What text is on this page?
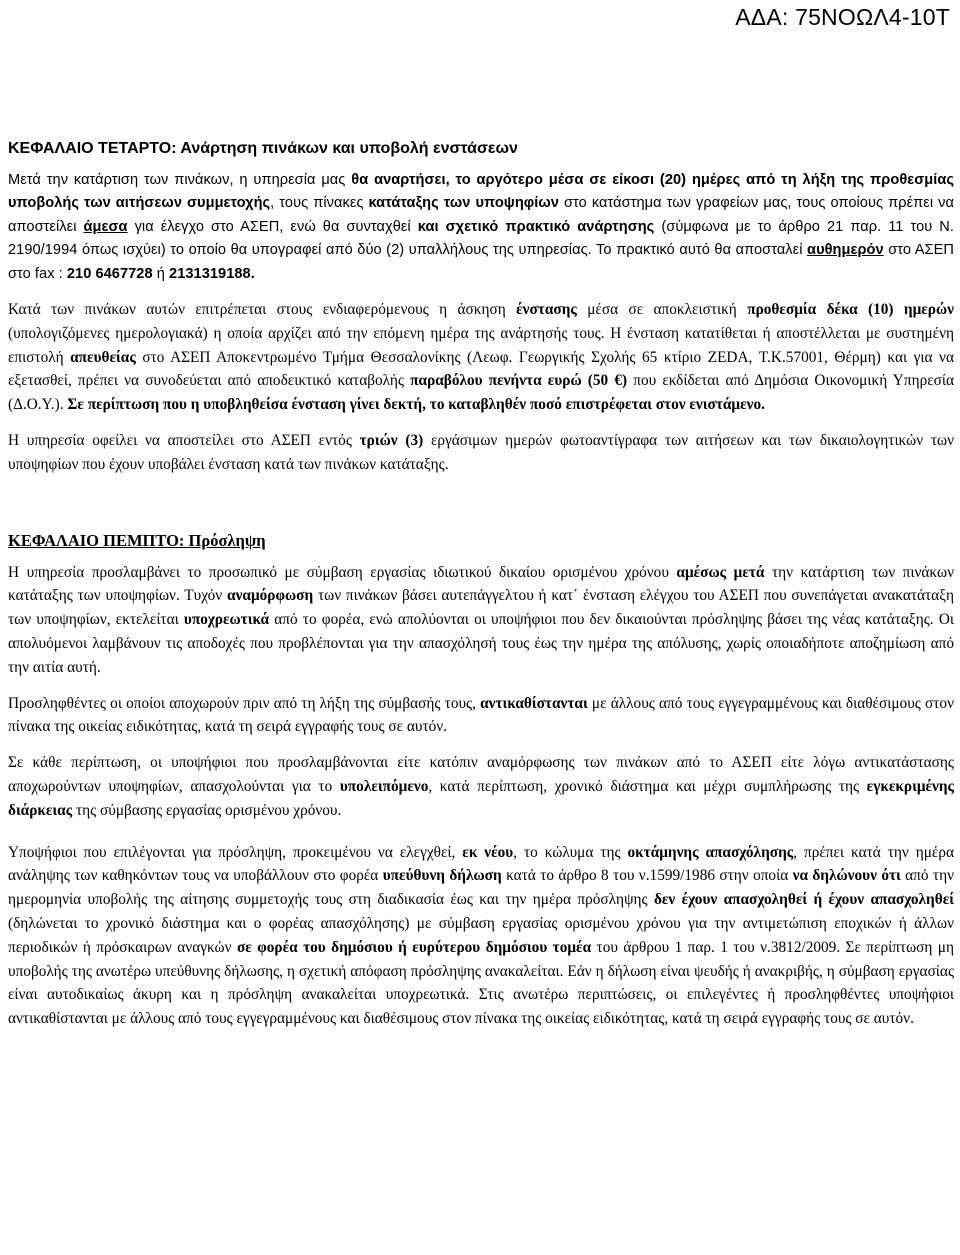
ΑΔΑ: 75ΝΟΩΛ4-10Τ

ΚΕΦΑΛΑΙΟ ΤΕΤΑΡΤΟ: Ανάρτηση πινάκων και υποβολή ενστάσεων

Μετά την κατάρτιση των πινάκων, η υπηρεσία μας θα αναρτήσει, το αργότερο μέσα σε είκοσι (20) ημέρες από τη λήξη της προθεσμίας υποβολής των αιτήσεων συμμετοχής, τους πίνακες κατάταξης των υποψηφίων στο κατάστημα των γραφείων μας, τους οποίους πρέπει να αποστείλει άμεσα για έλεγχο στο ΑΣΕΠ, ενώ θα συνταχθεί και σχετικό πρακτικό ανάρτησης (σύμφωνα με το άρθρο 21 παρ. 11 του Ν. 2190/1994 όπως ισχύει) το οποίο θα υπογραφεί από δύο (2) υπαλλήλους της υπηρεσίας. Το πρακτικό αυτό θα αποσταλεί αυθημερόν στο ΑΣΕΠ στο fax : 210 6467728 ή 2131319188.

Κατά των πινάκων αυτών επιτρέπεται στους ενδιαφερόμενους η άσκηση ένστασης μέσα σε αποκλειστική προθεσμία δέκα (10) ημερών (υπολογιζόμενες ημερολογιακά) η οποία αρχίζει από την επόμενη ημέρα της ανάρτησής τους. Η ένσταση κατατίθεται ή αποστέλλεται με συστημένη επιστολή απευθείας στο ΑΣΕΠ Αποκεντρωμένο Τμήμα Θεσσαλονίκης (Λεωφ. Γεωργικής Σχολής 65 κτίριο ZEDA, Τ.Κ.57001, Θέρμη) και για να εξετασθεί, πρέπει να συνοδεύεται από αποδεικτικό καταβολής παραβόλου πενήντα ευρώ (50 €) που εκδίδεται από Δημόσια Οικονομική Υπηρεσία (Δ.Ο.Υ.). Σε περίπτωση που η υποβληθείσα ένσταση γίνει δεκτή, το καταβληθέν ποσό επιστρέφεται στον ενιστάμενο.

Η υπηρεσία οφείλει να αποστείλει στο ΑΣΕΠ εντός τριών (3) εργάσιμων ημερών φωτοαντίγραφα των αιτήσεων και των δικαιολογητικών των υποψηφίων που έχουν υποβάλει ένσταση κατά των πινάκων κατάταξης.

ΚΕΦΑΛΑΙΟ ΠΕΜΠΤΟ: Πρόσληψη

Η υπηρεσία προσλαμβάνει το προσωπικό με σύμβαση εργασίας ιδιωτικού δικαίου ορισμένου χρόνου αμέσως μετά την κατάρτιση των πινάκων κατάταξης των υποψηφίων. Τυχόν αναμόρφωση των πινάκων βάσει αυτεπάγγελτου ή κατ΄ ένσταση ελέγχου του ΑΣΕΠ που συνεπάγεται ανακατάταξη των υποψηφίων, εκτελείται υποχρεωτικά από το φορέα, ενώ απολύονται οι υποψήφιοι που δεν δικαιούνται πρόσληψης βάσει της νέας κατάταξης. Οι απολυόμενοι λαμβάνουν τις αποδοχές που προβλέπονται για την απασχόλησή τους έως την ημέρα της απόλυσης, χωρίς οποιαδήποτε αποζημίωση από την αιτία αυτή.

Προσληφθέντες οι οποίοι αποχωρούν πριν από τη λήξη της σύμβασής τους, αντικαθίστανται με άλλους από τους εγγεγραμμένους και διαθέσιμους στον πίνακα της οικείας ειδικότητας, κατά τη σειρά εγγραφής τους σε αυτόν.

Σε κάθε περίπτωση, οι υποψήφιοι που προσλαμβάνονται είτε κατόπιν αναμόρφωσης των πινάκων από το ΑΣΕΠ είτε λόγω αντικατάστασης αποχωρούντων υποψηφίων, απασχολούνται για το υπολειπόμενο, κατά περίπτωση, χρονικό διάστημα και μέχρι συμπλήρωσης της εγκεκριμένης διάρκειας της σύμβασης εργασίας ορισμένου χρόνου.

Υποψήφιοι που επιλέγονται για πρόσληψη, προκειμένου να ελεγχθεί, εκ νέου, το κώλυμα της οκτάμηνης απασχόλησης, πρέπει κατά την ημέρα ανάληψης των καθηκόντων τους να υποβάλλουν στο φορέα υπεύθυνη δήλωση κατά το άρθρο 8 του ν.1599/1986 στην οποία να δηλώνουν ότι από την ημερομηνία υποβολής της αίτησης συμμετοχής τους στη διαδικασία έως και την ημέρα πρόσληψης δεν έχουν απασχοληθεί ή έχουν απασχοληθεί (δηλώνεται το χρονικό διάστημα και ο φορέας απασχόλησης) με σύμβαση εργασίας ορισμένου χρόνου για την αντιμετώπιση εποχικών ή άλλων περιοδικών ή πρόσκαιρων αναγκών σε φορέα του δημόσιου ή ευρύτερου δημόσιου τομέα του άρθρου 1 παρ. 1 του ν.3812/2009. Σε περίπτωση μη υποβολής της ανωτέρω υπεύθυνης δήλωσης, η σχετική απόφαση πρόσληψης ανακαλείται. Εάν η δήλωση είναι ψευδής ή ανακριβής, η σύμβαση εργασίας είναι αυτοδικαίως άκυρη και η πρόσληψη ανακαλείται υποχρεωτικά. Στις ανωτέρω περιπτώσεις, οι επιλεγέντες ή προσληφθέντες υποψήφιοι αντικαθίστανται με άλλους από τους εγγεγραμμένους και διαθέσιμους στον πίνακα της οικείας ειδικότητας, κατά τη σειρά εγγραφής τους σε αυτόν.
